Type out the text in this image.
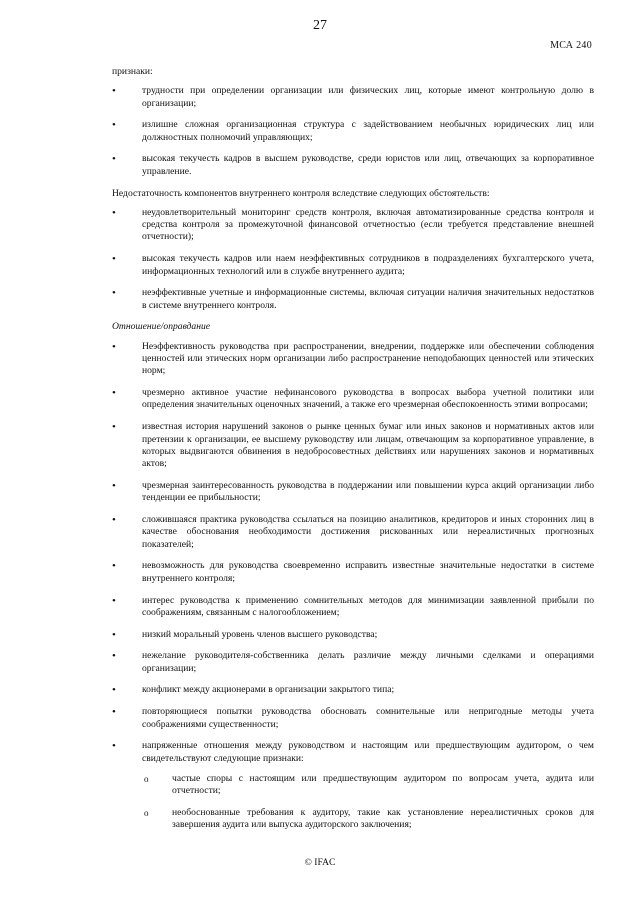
27
МСА 240

признаки:

• трудности при определении организации или физических лиц, которые имеют контрольную долю в организации;
• излишне сложная организационная структура с задействованием необычных юридических лиц или должностных полномочий управляющих;
• высокая текучесть кадров в высшем руководстве, среди юристов или лиц, отвечающих за корпоративное управление.

Недостаточность компонентов внутреннего контроля вследствие следующих обстоятельств:

• неудовлетворительный мониторинг средств контроля, включая автоматизированные средства контроля и средства контроля за промежуточной финансовой отчетностью (если требуется представление внешней отчетности);
• высокая текучесть кадров или наем неэффективных сотрудников в подразделениях бухгалтерского учета, информационных технологий или в службе внутреннего аудита;
• неэффективные учетные и информационные системы, включая ситуации наличия значительных недостатков в системе внутреннего контроля.

Отношение/оправдание

• Неэффективность руководства при распространении, внедрении, поддержке или обеспечении соблюдения ценностей или этических норм организации либо распространение неподобающих ценностей или этических норм;
• чрезмерно активное участие нефинансового руководства в вопросах выбора учетной политики или определения значительных оценочных значений, а также его чрезмерная обеспокоенность этими вопросами;
• известная история нарушений законов о рынке ценных бумаг или иных законов и нормативных актов или претензии к организации, ее высшему руководству или лицам, отвечающим за корпоративное управление, в которых выдвигаются обвинения в недобросовестных действиях или нарушениях законов и нормативных актов;
• чрезмерная заинтересованность руководства в поддержании или повышении курса акций организации либо тенденции ее прибыльности;
• сложившаяся практика руководства ссылаться на позицию аналитиков, кредиторов и иных сторонних лиц в качестве обоснования необходимости достижения рискованных или нереалистичных прогнозных показателей;
• невозможность для руководства своевременно исправить известные значительные недостатки в системе внутреннего контроля;
• интерес руководства к применению сомнительных методов для минимизации заявленной прибыли по соображениям, связанным с налогообложением;
• низкий моральный уровень членов высшего руководства;
• нежелание руководителя-собственника делать различие между личными сделками и операциями организации;
• конфликт между акционерами в организации закрытого типа;
• повторяющиеся попытки руководства обосновать сомнительные или непригодные методы учета соображениями существенности;
• напряженные отношения между руководством и настоящим или предшествующим аудитором, о чем свидетельствуют следующие признаки:
o частые споры с настоящим или предшествующим аудитором по вопросам учета, аудита или отчетности;
o необоснованные требования к аудитору, такие как установление нереалистичных сроков для завершения аудита или выпуска аудиторского заключения;
© IFAC
